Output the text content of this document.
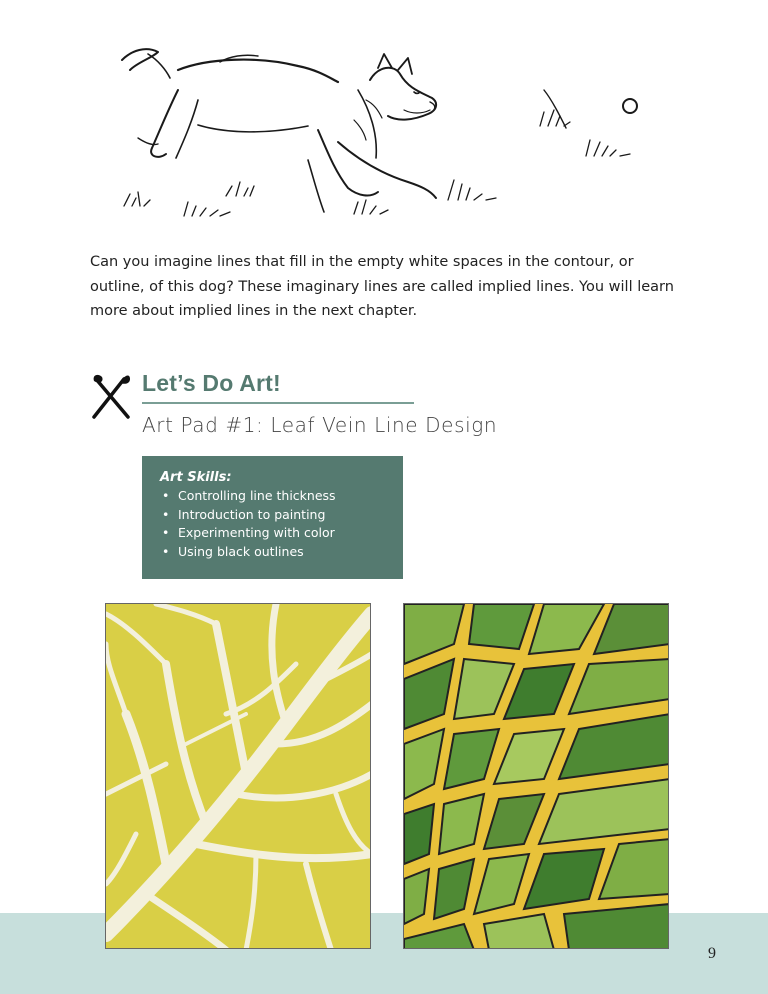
Can you imagine lines that fill in the empty white spaces in the contour, or outline, of this dog? These imaginary lines are called implied lines. You will learn more about implied lines in the next chapter.
Let’s Do Art!
Art Pad #1: Leaf Vein Line Design
Art Skills:
• Controlling line thickness
• Introduction to painting
• Experimenting with color
• Using black outlines
9
